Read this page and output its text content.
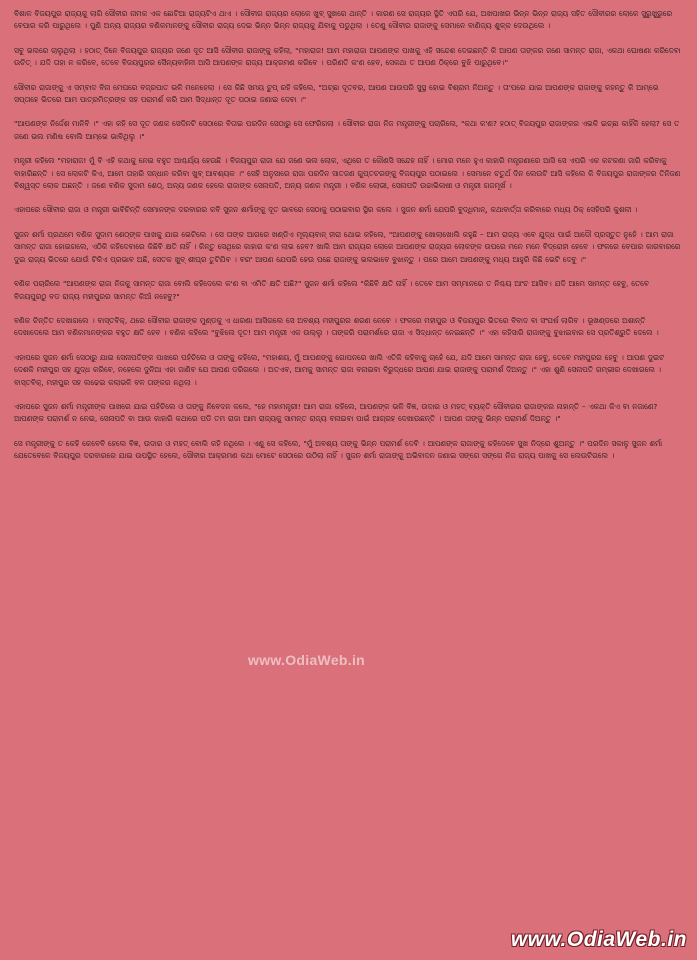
ବିଶାଳ ବିଜୟପୁର ରାଜ୍ୟକୁ ଲାଗି ସୌବୀର ନାମକ ଏକ ଛୋଟିଆ ରାଜ୍ୟଟିଏ ଥାଏ । ସୌବୀର ରାଜ୍ୟର ଲୋକେ ଖୁବ୍ ସୁଖରେ ଥାନ୍ତି । କାରଣ ସେ ରାଜ୍ୟର ସ୍ଥିତି ଏପରି ଯେ, ଅଖପାଖର ଭିନ୍ନ ଭିନ୍ନ ରାଜ୍ୟ ସହିତ ସୌବୀରର ଲୋକେ ସୁରୁଖୁରୁରେ ବେପାର କରି ପାରୁଥିଲେ । ପୁଣି ଅନ୍ୟ ରାଜ୍ୟର ବଣିକମାନଙ୍କୁ ସୌବୀର ରାଜ୍ୟ ଦେଇ ଭିନ୍ନ ଭିନ୍ନ ରାଜ୍ୟକୁ ଯିବାକୁ ପଡୁଥିଲା । ତେଣୁ ସୌବୀର ରାଜାଙ୍କୁ ସେମାନେ ବାଣିଜ୍ୟ ଶୁଳ୍କ ଦେଉଥିଲେ ।

ସବୁ ଭଲରେ ଚାଲୁଥିଲା । ହଠାତ୍ ଦିନେ ବିଜୟପୁର ରାଜ୍ୟର ଜଣେ ଦୂତ ଆସି ସୌବୀର ରାଜାଙ୍କୁ କହିଲା, "ମହାରାଜ! ଆମ ମହାରାଜା ଆପଣଙ୍କ ପାଖକୁ ଏହି ସନ୍ଦେଶ ଦେଇଛନ୍ତି କି ଆପଣ ତାଙ୍କର ଜଣେ ସାମନ୍ତ ରାଜା, ଏକଥା ଘୋଷଣା କରିଦେବା ଉଚିତ୍ । ଯଦି ତାହା ନ କରିବେ, ତେବେ ବିଜୟପୁରର ସୈନ୍ୟବାହିନୀ ଆସି ଆପଣଙ୍କ ରାଜ୍ୟ ଆକ୍ରମଣ କରିବେ । ପରିଣତି କ'ଣ ହେବ, ସେକଥା ତ ଆପଣ ଠିକ୍ରେ ବୁଝି ପାରୁଥିବେ।"

ସୌବୀର ରାଜାଙ୍କୁ ଏ ସମ୍ବାଦ ବିନା ମେଘରେ ବଜ୍ରପାତ ଭଳି ମନେହେଲା । ସେ କିଛି ସମୟ ଚୁପ୍ ରହି କହିଲେ, "ଅଚ୍ଛା ଦୂତବର, ଆପଣ ଆଉପରି ସୁସ୍ଥ ହୋଇ ବିଶ୍ରାମ ନିଅନ୍ତୁ । ତା'ପରେ ଯାଇ ଆପଣଙ୍କ ରାଜାଙ୍କୁ କହନ୍ତୁ କି ଆମ୍ଭେ ସପ୍ତାହେ ଭିତରେ ଆମ ପାତ୍ରମିତ୍ରଙ୍କ ସହ ପରାମର୍ଶ କରି ଆମ ସିଦ୍ଧାନ୍ତ ଦୂତ ପଠାଇ ଜଣାଇ ଦେବା ।"

"ଆପଣଙ୍କ ନିର୍ଦ୍ଦେଶ ମାନିବି ।" ଏହା କହି ସେ ଦୂତ ଜଣକ ସେଦିନଟି ସେଠାରେ ବିତାଇ ପରଦିନ ସେଠାରୁ ସେ ଫେରିଗଲା । ସୌବୀର ରାଜା ନିଜ ମନ୍ତ୍ରୀଙ୍କୁ ପଚାରିଲେ, "କଥା କ'ଣ? ହଠାତ୍ ବିଜୟପୁର ରାଜାଙ୍କର ଏଭଳି ଇଚ୍ଛା କାହିଁକି ହେଲା? ସେ ତ ଜଣେ ଭଲ ମଣିଷ ବୋଲି ଆମ୍ଭେ ଭାବିଥିଲୁ ।"

ମନ୍ତ୍ରୀ କହିଲେ "ମହାରାଜ! ମୁଁ ବି ଏହି କଥାକୁ ନେଇ ବହୁତ ଆଶ୍ଚର୍ଯ୍ୟ ହେଉଛି । ବିଜୟପୁର ରାଜା ଯେ ଜଣେ ଭଲ ଲୋକ, ଏଥିରେ ତ କୌଣସି ସନ୍ଦେହ ନାହିଁ । ମୋର ମନେ ହୁଏ କାହାରି ମନ୍ତ୍ରଣାରେ ଆସି ସେ ଏପରି ଏକ କଟକଣା ଜାରି କରିବାକୁ ବାହାରିଛନ୍ତି । ସେ ଲୋକଟି କିଏ, ଆମେ ତାହାରି ସନ୍ଧାନ କରିବା ଖୁବ୍ ଆବଶ୍ୟକ ।" ସେହି ଅନୁସାରେ ରାଜା ପରଦିନ ସାତଜଣ ଗୁପ୍ତଚରଙ୍କୁ ବିଜୟପୁର ପଠାଇଲେ । ସେମାନେ ଚତୁର୍ଥ ଦିନ ଲେଉଟି ଆସି କହିଲେ କି ବିଜୟପୁର ରାଜାଙ୍କର ତିନିଜଣ ବିଶ୍ୱସ୍ତ ଲୋକ ଅଛନ୍ତି । ଜଣେ ବଣିକ ସୁଦାମ ଶେଠ୍, ଅନ୍ୟ ଜଣକ ହେଲେ ରାଜାଙ୍କ ସେନାପତି, ଅନ୍ୟ ଜଣକ ମନ୍ତ୍ରୀ । ବଣିକ ଲୋଭୀ, ସେନାପତି ଉଚ୍ଚାଭିଳାଷୀ ଓ ମନ୍ତ୍ରୀ ଗଜମୂର୍ଖ ।

ଏହାପରେ ସୌବୀର ରାଜା ଓ ମନ୍ତ୍ରୀ ଭାବିଚିନ୍ତି ସେମାନଙ୍କ ଦରବାରର କବି ସୁଜନ ଶର୍ମାଙ୍କୁ ଦୂତ ଭାବରେ ସେଠାକୁ ପଠାଇବାର ସ୍ଥିର କଲେ । ସୁଜନ ଶର୍ମା ଯେପରି ବୁଦ୍ଧିମାନ୍, କଥାବାର୍ତ୍ତା କରିବାରେ ମଧ୍ୟ ଠିକ୍ ସେହିପରି କୁଶଳୀ ।

ସୁଜନ ଶର୍ମା ପ୍ରଥମେ ବଣିକ ସୁଦାମ ଶେଠ୍ଙ୍କ ପାଖକୁ ଯାଇ ଭେଟିଲେ । ସେ ତାଙ୍କ ଆଗରେ ଖଣ୍ଡିଏ ମୂଲ୍ୟବାନ୍ ହୀରା ଥୋଇ କହିଲେ, "ଆପଣଙ୍କୁ ଖୋଲାଖୋଲି କହୁଛି – ଆମ ରାଜ୍ୟ ଏବେ ଯୁଦ୍ଧ ପାଇଁ ଆଦୌ ପ୍ରସ୍ତୁତ ନୁହେଁ । ଆମ ରାଜା ସାମନ୍ତ ରାଜା ହୋଇଗଲେ, ଏଠିକି କହିଦେବାରେ କିଛିବି କ୍ଷତି ନାହିଁ । କିନ୍ତୁ ସେଥିରେ କାହାର କ'ଣ ଲାଭ ହେବ? ଖାଲି ଆମ ରାଜ୍ୟର ଲୋକେ ଆପଣଙ୍କ ରାଜ୍ୟର ଲୋକଙ୍କ ଉପରେ ମନେ ମନେ ବିଦ୍ରୋହୀ ହେବେ । ଫଳରେ ବେପାର କାରବାରରେ ଦୁଇ ରାଜ୍ୟ ଭିତରେ ଯୋଉଁ ଟିକିଏ ପ୍ରଭାବ ଅଛି, ସେତକ ଖୁବ୍ ଶୀଘ୍ର ତୁଟିଯିବ । ବରଂ ଆପଣ ଯେପରି ହେଉ ପଛେ ରାଜାଙ୍କୁ ଭଲଭାବେ ବୁଝାନ୍ତୁ । ପରେ ଆମେ ଆପଣଙ୍କୁ ମଧ୍ୟ ଆହୁରି କିଛି ଭେଟି ଦେବୁ ।"

ବଣିକ ପଚାରିଲେ "ଆପଣଙ୍କ ରାଜା ନିଜକୁ ସାମନ୍ତ ରାଜା ବୋଲି କହିଦେଲେ କ'ଣ ବା ଏମିତି କ୍ଷତି ଅଛି?" ସୁଜନ ଶର୍ମା କହିଲେ "କିଛିବି କ୍ଷତି ନାହିଁ । ତେବେ ଆମ ସମ୍ମାନରେ ତ ନିଶ୍ଚୟ ଆଂଚ ଆସିବ। ଯଦି ଆମେ ସାମନ୍ତ ହେବୁ, ତେବେ ବିଜୟପୁରଠୁ ବଡ ରାଜ୍ୟ ମହୀପୁରର ସାମନ୍ତ କିଆଁ ନହେବୁ?"

ବଣିକ ଚିନ୍ତିତ ଦେଖାଗଲେ । ବାସ୍ତବିକ୍, ଥରେ ସୌବୀର ରାଜାଙ୍କ ମୁଣ୍ଡକୁ ଏ ଧାରଣା ଆସିଗଲେ ସେ ଅବଶ୍ୟ ମହୀପୁରର ଶରଣ ନେବେ । ଫଳରେ ମହୀପୁର ଓ ବିଜୟପୁର ଭିତରେ ବିବାଦ ବା ସଂଘର୍ଷ ଲାଗିବ । ଭୂଖଣ୍ଡରେ ଅଶାନ୍ତି ଦେଖାଦେଲେ ଆମ ବଣିକମାନଙ୍କର ବହୁତ କ୍ଷତି ହେବ । ବଣିକ କହିଲେ "ବୁଝିଲେ ଦୂତ! ଆମ ମନ୍ତ୍ରୀ ଏକ ଉଲ୍ଲୁ । ତାଙ୍କରି ପରାମର୍ଶରେ ରାଜା ଏ ସିଦ୍ଧାନ୍ତ ନେଇଛନ୍ତି ।" ଏହା କହିସାରି ରାଜାଙ୍କୁ ବୁଝାଇବାର ସେ ପ୍ରତିଶ୍ରୁତି ଦେଲେ ।

ଏହାପରେ ସୁଜନ ଶର୍ମା ସେଠାରୁ ଯାଇ ସେନାପତିଙ୍କ ପାଖରେ ପହଁଚିଲେ ଓ ତାଙ୍କୁ କହିଲେ, "ମହାଶୟ, ମୁଁ ଆପଣଙ୍କୁ ଗୋପନରେ ଖାଲି ଏତିକି କହିବାକୁ ଚାହେଁ ଯେ, ଯଦି ଆମେ ସାମନ୍ତ ରାଜା ହେବୁ, ତେବେ ମହୀପୁରର ହେବୁ । ଆପଣ ଦୁଇଟ ଦେଶକି ମହୀପୁର ସହ ଯୁଦ୍ଧ କରିବେ, ନହେଲେ ଦୁନିଆ ଏହା ଜାଣିବ ଯେ ଆପଣ ଡରିଗଲେ । ଅତଏବ, ଆମକୁ ସାମନ୍ତ ରାଜା ବନାଇବା ବିରୁଦ୍ଧରେ ଆପଣ ଯାଇ ରାଜାଙ୍କୁ ପରାମର୍ଶ ଦିଅନ୍ତୁ ।" ଏହା ଶୁଣି ସେନାପତି ଗମ୍ଭୀର ଦେଖାଗଲେ । ବାସ୍ତବିକ୍, ମହୀପୁର ସହ ଲଢେଇ କଲାଭଳି ବଳ ତାଙ୍କର ନଥିଲା ।

ଏହାପରେ ସୁଜନ ଶର୍ମା ମନ୍ତ୍ରୀଙ୍କ ପାଖରେ ଯାଇ ପହଁଚିଲେ ଓ ତାଙ୍କୁ ନିବେଦନ କଲେ, "ହେ ମହାମନ୍ତ୍ରୀ! ଆମ ରାଜା କହିଲେ, ଆପଣଙ୍କ ଭଳି ବିଜ୍ଞ, ଉଦାର ଓ ମହତ୍ ବ୍ୟକ୍ତି ସୌବୀରର ରାଜାଙ୍କର ନାହାନ୍ତି – ଏକଥା କିଏ ବା ନଜାଣେ? ଆପଣଙ୍କ ପରାମର୍ଶ ନ ନେଇ, ସେନାପତି ବା ଆଉ କାହାରି କଥାରେ ପଡି ତମ ରାଜା ଆମ ରାଜ୍ୟକୁ ସାମନ୍ତ ରାଜ୍ୟ ବନାଇବା ପାଇଁ ଆଗ୍ରହ ଦେଖାଉଛନ୍ତି । ଆପଣ ତାଙ୍କୁ ଭିନ୍ନ ପରାମର୍ଶ ଦିଅନ୍ତୁ ।"

ସେ ମନ୍ତ୍ରୀଙ୍କୁ ତ କେହି କେବେବି ହେଲେ ବିଜ୍ଞ, ଉଦାର ଓ ମହତ୍ ବୋଲି କହି ନଥିଲେ । ଏଣୁ ସେ କହିଲେ, "ମୁଁ ଅବଶ୍ୟ ତାଙ୍କୁ ଭିନ୍ନ ପରାମର୍ଶ ଦେବି । ଆପଣଙ୍କ ରାଜାଙ୍କୁ କହିଦେବେ ସୁଖ ନିଦ୍ରେ ଶୁଅନ୍ତୁ ।" ପରଦିନ ସକାଳୁ ସୁଜନ ଶର୍ମା ଯେତେବେଳେ ବିଜୟପୁର ଦରବାରରେ ଯାଇ ଉପସ୍ଥିତ ହେଲେ, ସୌବୀର ଆକ୍ରମଣ କଥା ମୋଟେ ସେଠାରେ ଉଠିଲା ନାହିଁ । ସୁଜନ ଶର୍ମା ରାଜାଙ୍କୁ ଅଭିବାଦନ ଜଣାଇ ସଙ୍ଗେ ସଙ୍ଗେ ନିଜ ରାଜ୍ୟ ପାଖକୁ ସେ ଲେଉଟିଗଲେ ।

www.OdiaWeb.in
www.OdiaWeb.in
